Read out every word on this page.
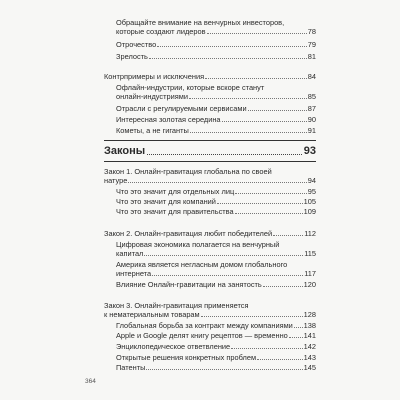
Обращайте внимание на венчурных инвесторов,
которые создают лидеров	78
Отрочество	79
Зрелость	81
Контрпримеры и исключения	84
Офлайн-индустрии, которые вскоре станут
онлайн-индустриями	85
Отрасли с регулируемыми сервисами	87
Интересная золотая середина	90
Кометы, а не гиганты	91
Законы	93
Закон 1. Онлайн-гравитация глобальна по своей
натуре	94
Что это значит для отдельных лиц	95
Что это значит для компаний	105
Что это значит для правительства	109
Закон 2. Онлайн-гравитация любит победителей	112
Цифровая экономика полагается на венчурный
капитал	115
Америка является негласным домом глобального
интернета	117
Влияние Онлайн-гравитации на занятость	120
Закон 3. Онлайн-гравитация применяется
к нематериальным товарам	128
Глобальная борьба за контракт между компаниями 138
Apple и Google делят книгу рецептов — временно 141
Энциклопедическое ответвление	142
Открытые решения конкретных проблем	143
Патенты	145
364
